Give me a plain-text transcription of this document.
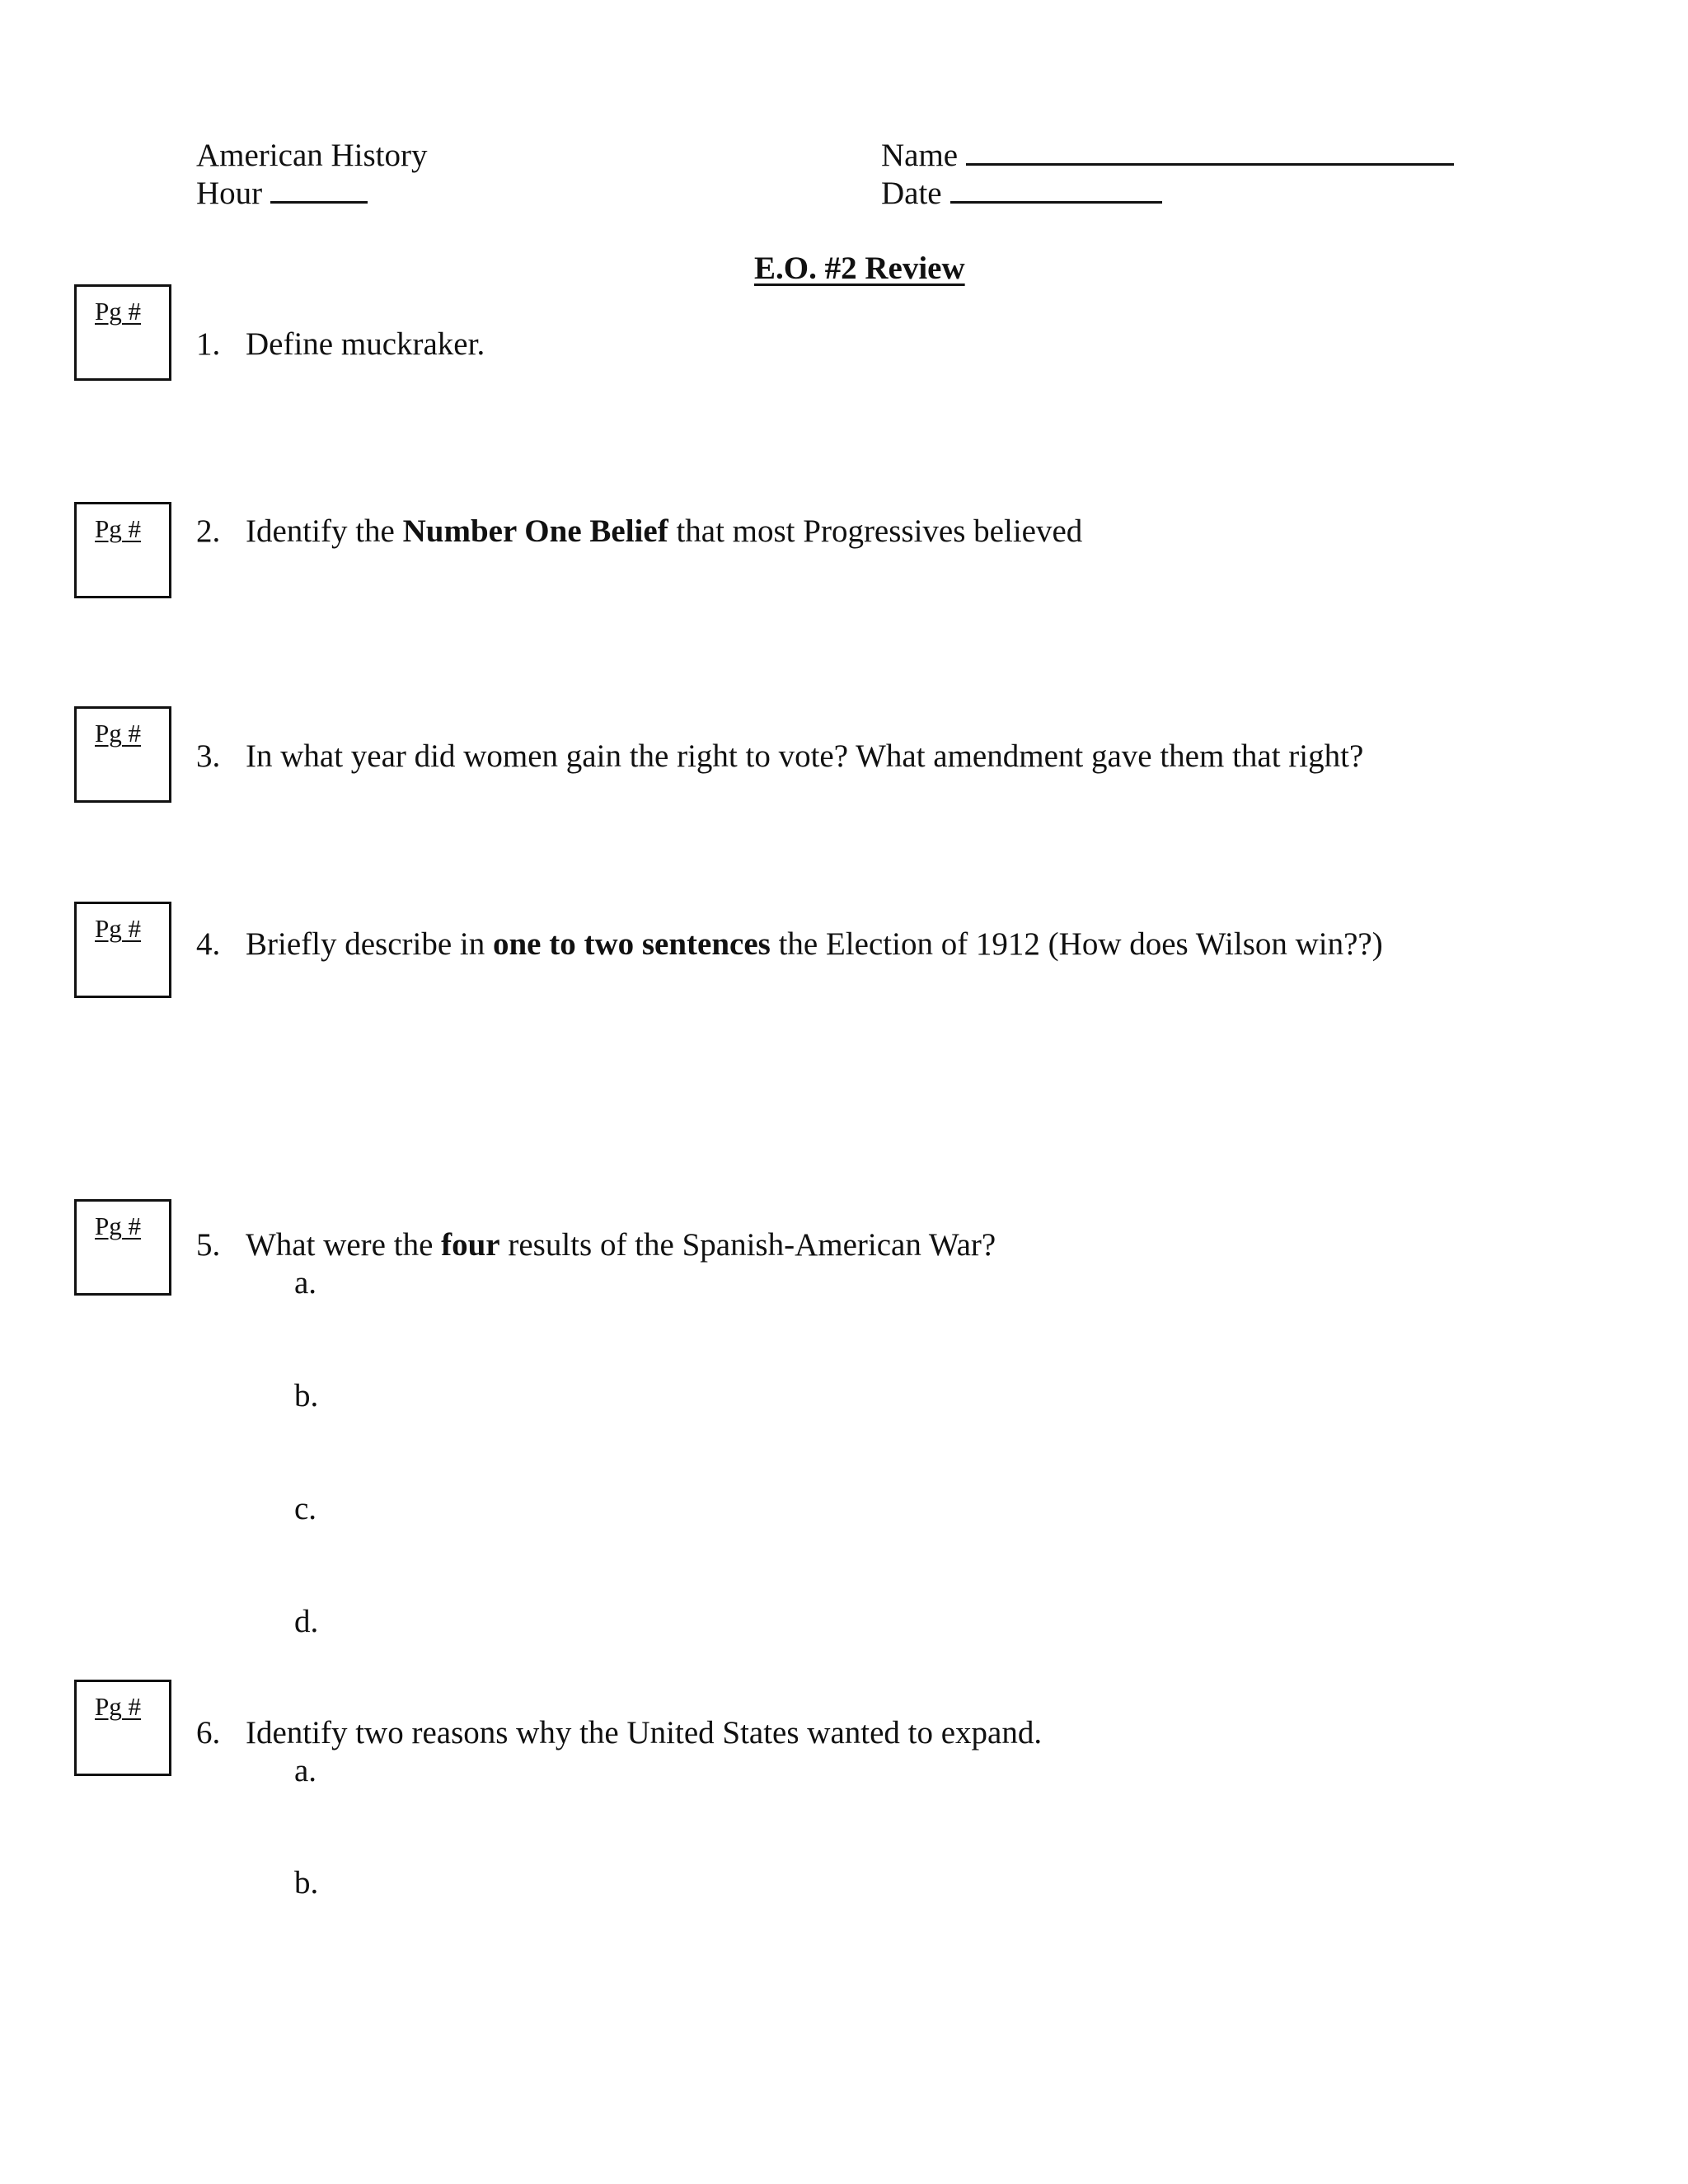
American History
Hour
Name
Date
E.O. #2 Review
Pg #
Pg #
Pg #
Pg #
Pg #
Pg #
1. Define muckraker.
2. Identify the Number One Belief that most Progressives believed
3. In what year did women gain the right to vote? What amendment gave them that right?
4. Briefly describe in one to two sentences the Election of 1912 (How does Wilson win??)
5. What were the four results of the Spanish-American War?
a.
b.
c.
d.
6. Identify two reasons why the United States wanted to expand.
a.
b.
